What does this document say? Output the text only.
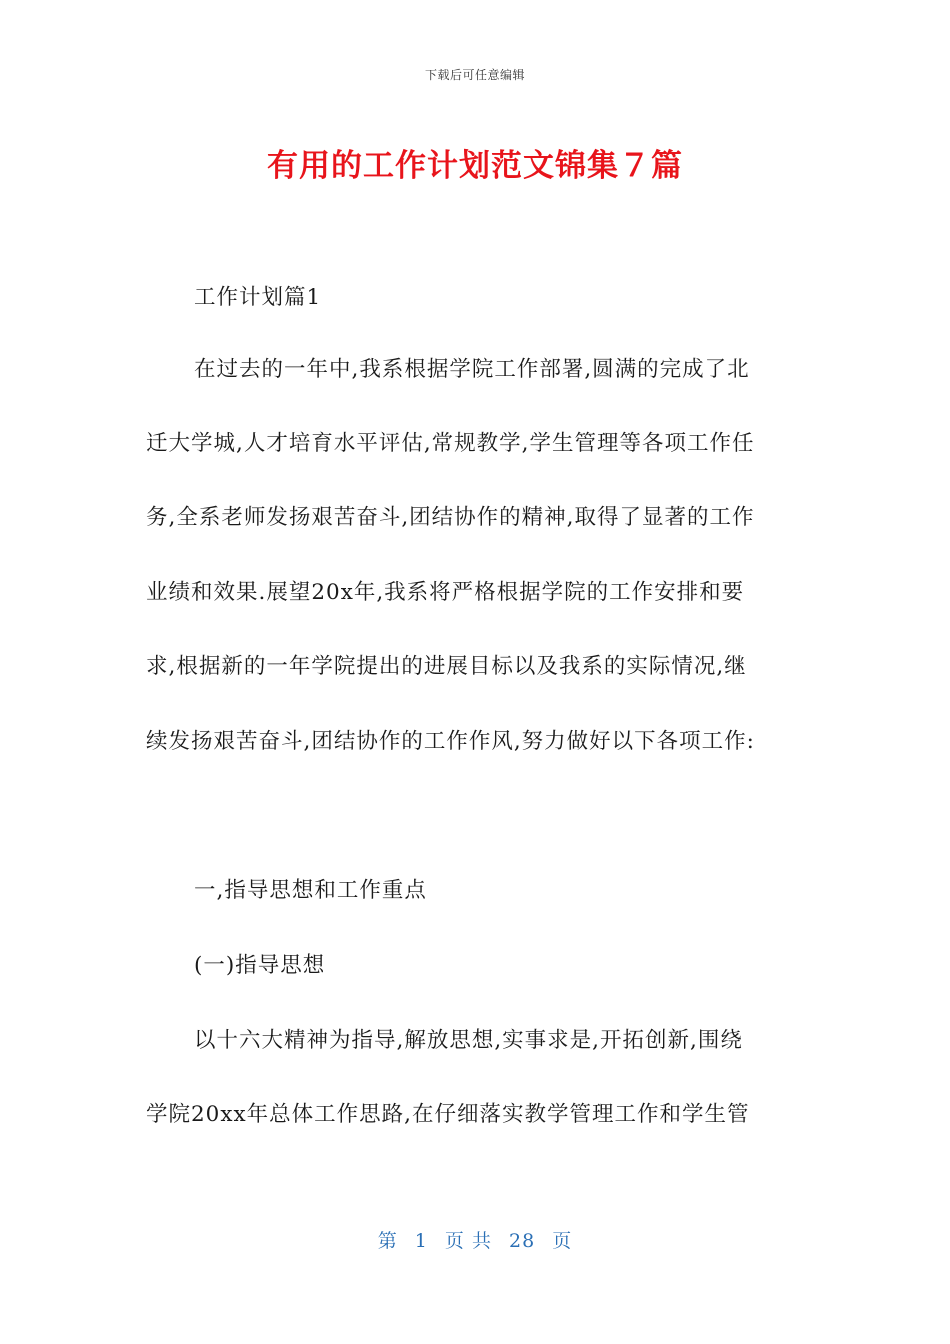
下载后可任意编辑
有用的工作计划范文锦集７篇
工作计划篇1
在过去的一年中,我系根据学院工作部署,圆满的完成了北
迁大学城,人才培育水平评估,常规教学,学生管理等各项工作任
务,全系老师发扬艰苦奋斗,团结协作的精神,取得了显著的工作
业绩和效果.展望20x年,我系将严格根据学院的工作安排和要
求,根据新的一年学院提出的进展目标以及我系的实际情况,继
续发扬艰苦奋斗,团结协作的工作作风,努力做好以下各项工作:
一,指导思想和工作重点
(一)指导思想
以十六大精神为指导,解放思想,实事求是,开拓创新,围绕
学院20xx年总体工作思路,在仔细落实教学管理工作和学生管
第 1 页 共 28 页
